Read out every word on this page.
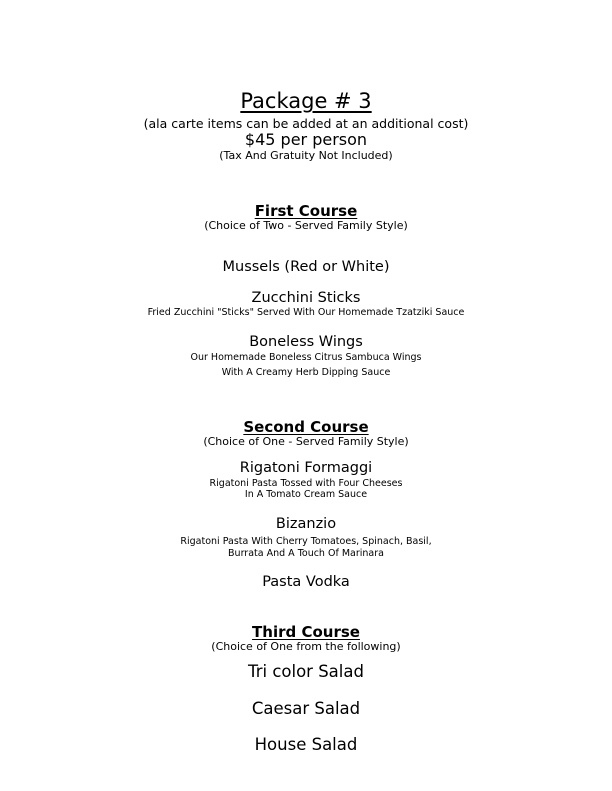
Package # 3
(ala carte items can be added at an additional cost)
$45 per person
(Tax And Gratuity Not Included)
First Course
(Choice of Two - Served Family Style)
Mussels (Red or White)
Zucchini Sticks
Fried Zucchini "Sticks" Served With Our Homemade Tzatziki Sauce
Boneless Wings
Our Homemade Boneless Citrus Sambuca Wings
With A Creamy Herb Dipping Sauce
Second Course
(Choice of One - Served Family Style)
Rigatoni Formaggi
Rigatoni Pasta Tossed with Four Cheeses
In A Tomato Cream Sauce
Bizanzio
Rigatoni Pasta With Cherry Tomatoes, Spinach, Basil,
Burrata And A Touch Of Marinara
Pasta Vodka
Third Course
(Choice of One from the following)
Tri color Salad
Caesar Salad
House Salad
